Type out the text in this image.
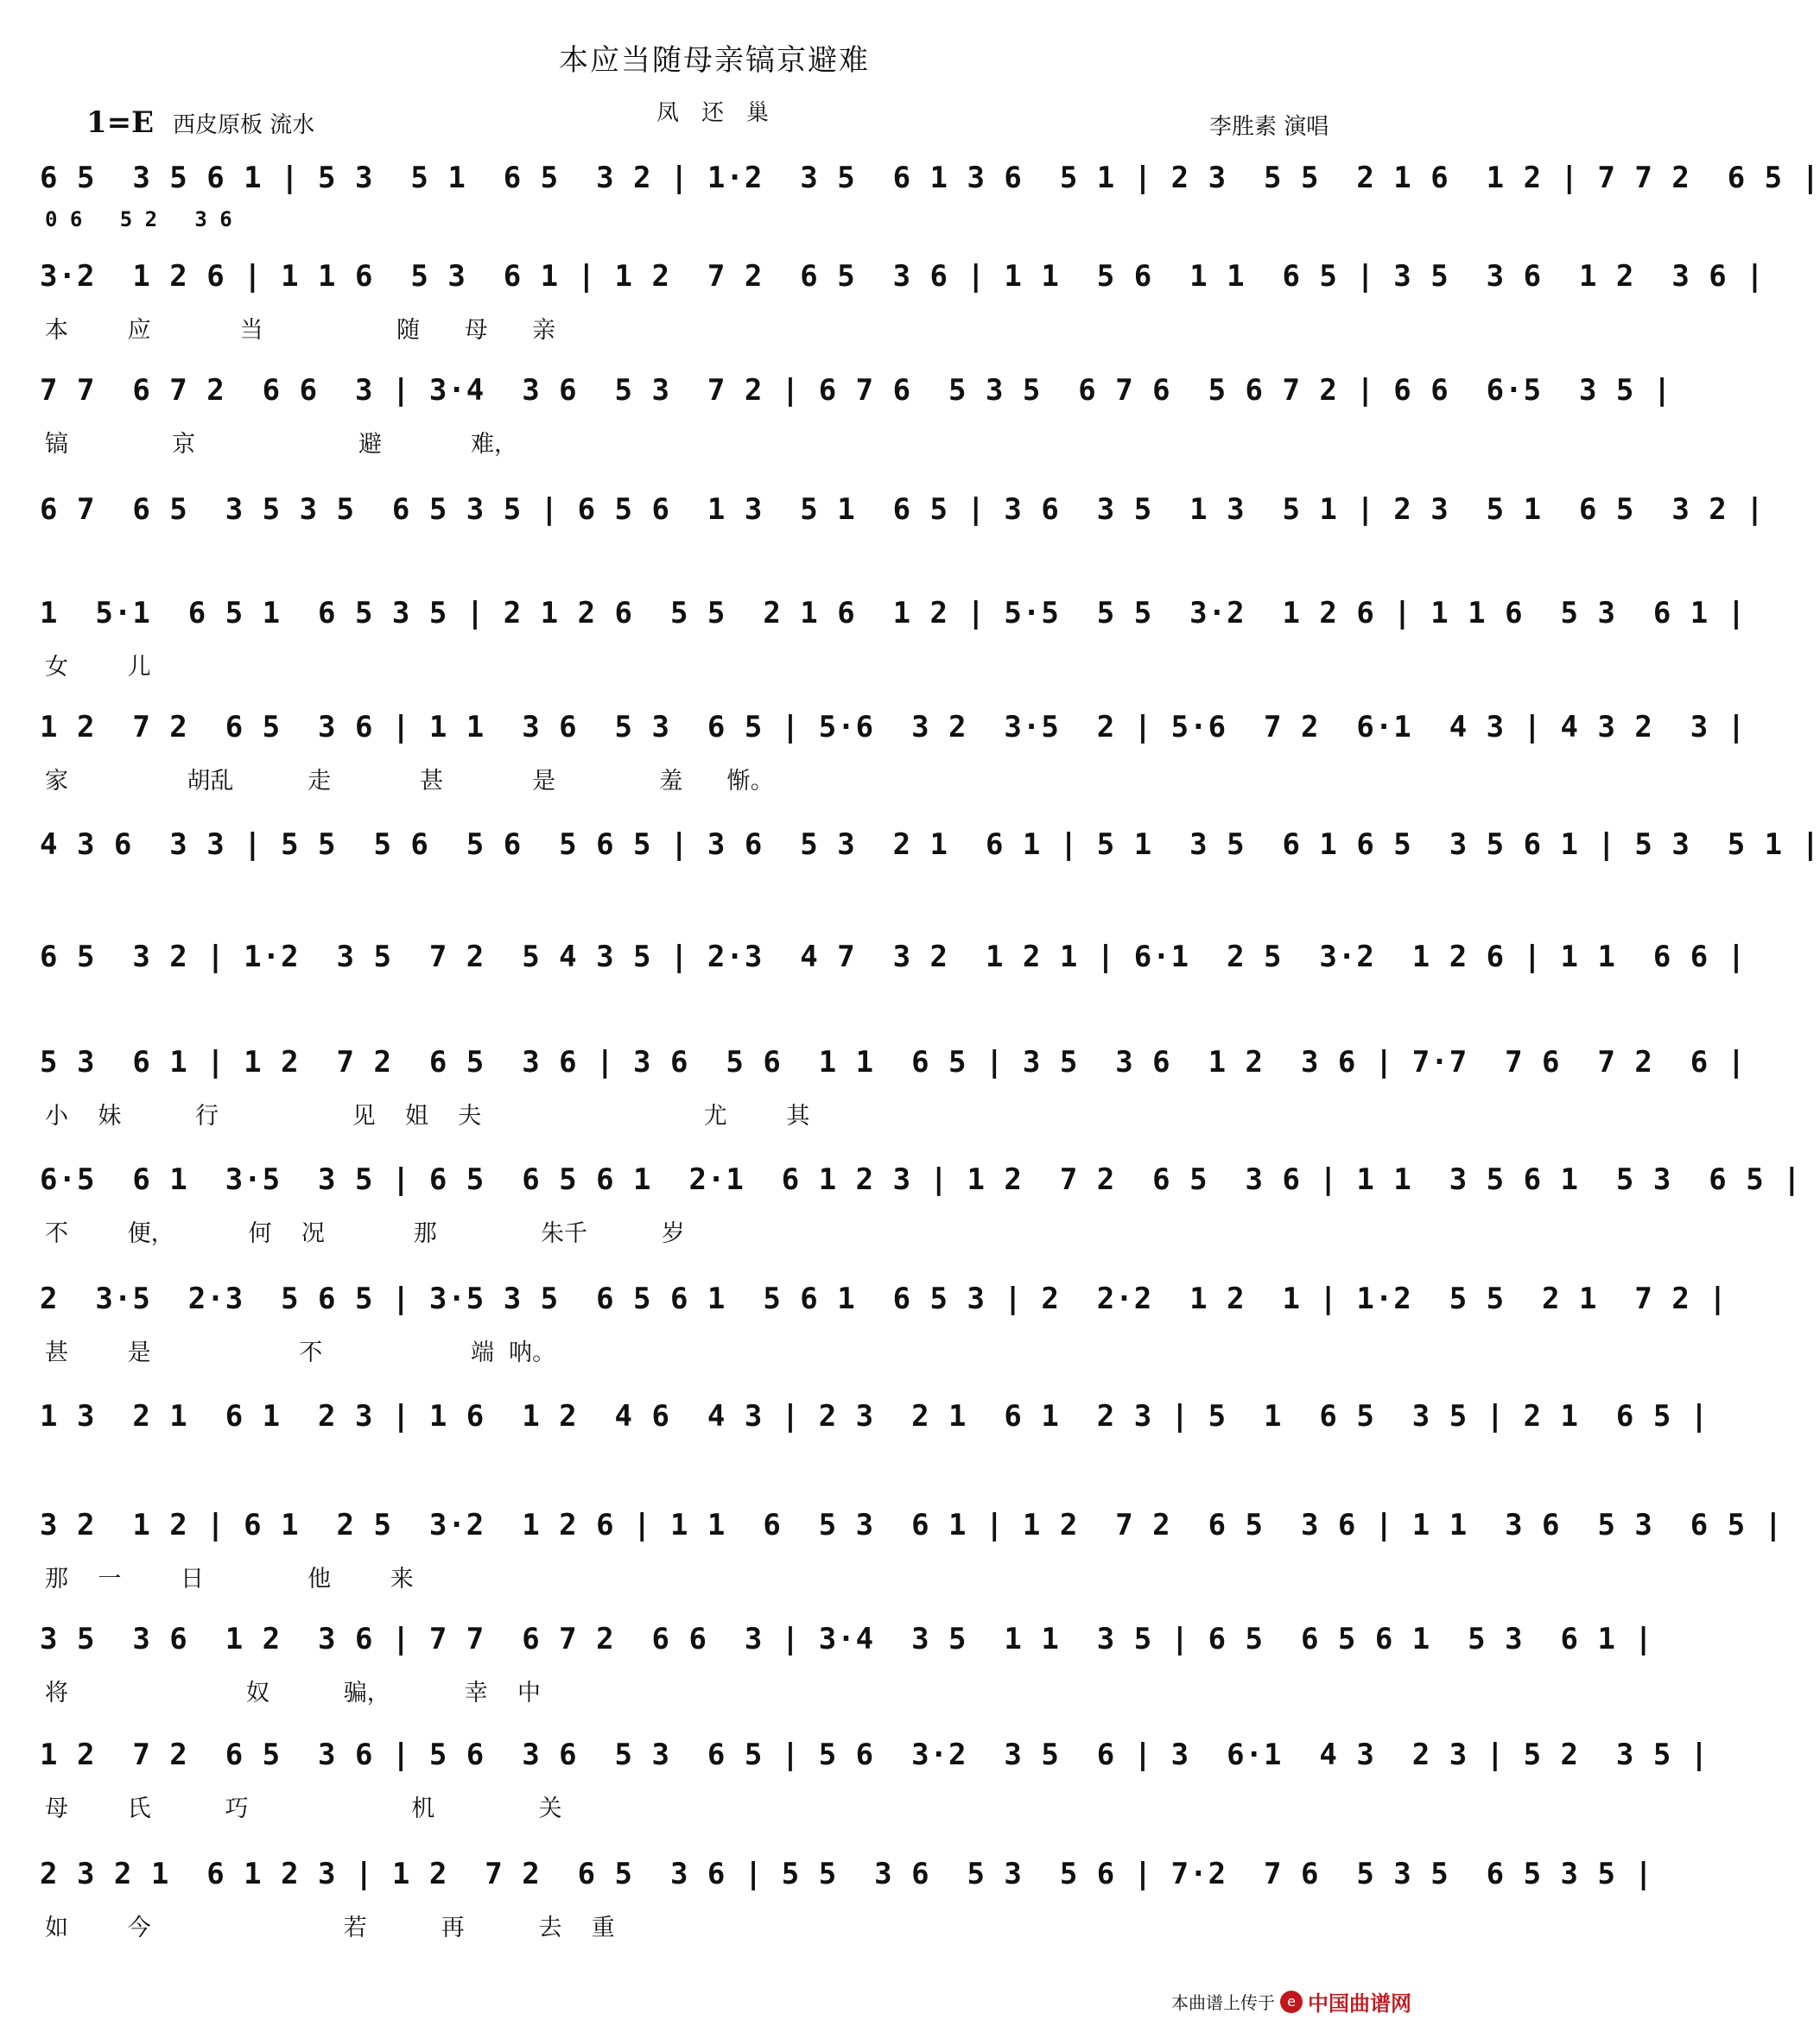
本应当随母亲镐京避难
1=E 西皮原板 流水	凤还巢
李胜素 演唱
6 5  3 5 6 1 | 5 3  5 1  6 5  3 2 | 1·2  3 5  6 1 3 6  5 1 | 2 3  5 5  2 1 6  1 2 | 7 7 2  6 5 |
3·2  1 2 6 | 1 1 6  5 3  6 1 | 1 2  7 2  6 5  3 6 | 1 1  5 6  1 1  6 5 | 3 5  3 6  1 2  3 6 |
本        应            当                  随      母      亲
7 7  6 7 2  6 6  3 | 3·4  3 6  5 3  7 2 | 6 7 6  5 3 5  6 7 6  5 6 7 2 | 6 6  6·5  3 5 |
镐              京                      避            难，
6 7  6 5  3 5 3 5  6 5 3 5 | 6 5 6  1 3  5 1  6 5 | 3 6  3 5  1 3  5 1 | 2 3  5 1  6 5  3 2 |
1  5·1  6 5 1  6 5 3 5 | 2 1 2 6  5 5  2 1 6  1 2 | 5·5  5 5  3·2  1 2 6 | 1 1 6  5 3  6 1 |
女        儿
1 2  7 2  6 5  3 6 | 1 1  3 6  5 3  6 5 | 5·6  3 2  3·5  2 | 5·6  7 2  6·1  4 3 | 4 3 2  3 |
家                胡乱          走            甚            是              羞      惭。
4 3 6  3 3 | 5 5  5 6  5 6  5 6 5 | 3 6  5 3  2 1  6 1 | 5 1  3 5  6 1 6 5  3 5 6 1 | 5 3  5 1 |
6 5  3 2 | 1·2  3 5  7 2  5 4 3 5 | 2·3  4 7  3 2  1 2 1 | 6·1  2 5  3·2  1 2 6 | 1 1  6 6 |
5 3  6 1 | 1 2  7 2  6 5  3 6 | 3 6  5 6  1 1  6 5 | 3 5  3 6  1 2  3 6 | 7·7  7 6  7 2  6 |
小    妹          行                  见    姐    夫                              尤        其
6·5  6 1  3·5  3 5 | 6 5  6 5 6 1  2·1  6 1 2 3 | 1 2  7 2  6 5  3 6 | 1 1  3 5 6 1  5 3  6 5 |
不        便，          何    况            那              朱千          岁
2  3·5  2·3  5 6 5 | 3·5 3 5  6 5 6 1  5 6 1  6 5 3 | 2  2·2  1 2  1 | 1·2  5 5  2 1  7 2 |
甚        是                    不                    端  呐。
1 3  2 1  6 1  2 3 | 1 6  1 2  4 6  4 3 | 2 3  2 1  6 1  2 3 | 5  1  6 5  3 5 | 2 1  6 5 |
3 2  1 2 | 6 1  2 5  3·2  1 2 6 | 1 1  6  5 3  6 1 | 1 2  7 2  6 5  3 6 | 1 1  3 6  5 3  6 5 |
那    一        日              他        来
3 5  3 6  1 2  3 6 | 7 7  6 7 2  6 6  3 | 3·4  3 5  1 1  3 5 | 6 5  6 5 6 1  5 3  6 1 |
将                        奴          骗，          幸    中
1 2  7 2  6 5  3 6 | 5 6  3 6  5 3  6 5 | 5 6  3·2  3 5  6 | 3  6·1  4 3  2 3 | 5 2  3 5 |
母        氏          巧                      机              关
2 3 2 1  6 1 2 3 | 1 2  7 2  6 5  3 6 | 5 5  3 6  5 3  5 6 | 7·2  7 6  5 3 5  6 5 3 5 |
如        今                          若          再          去    重
0 6   5 2   3 6
本曲谱上传于 e 中国曲谱网
